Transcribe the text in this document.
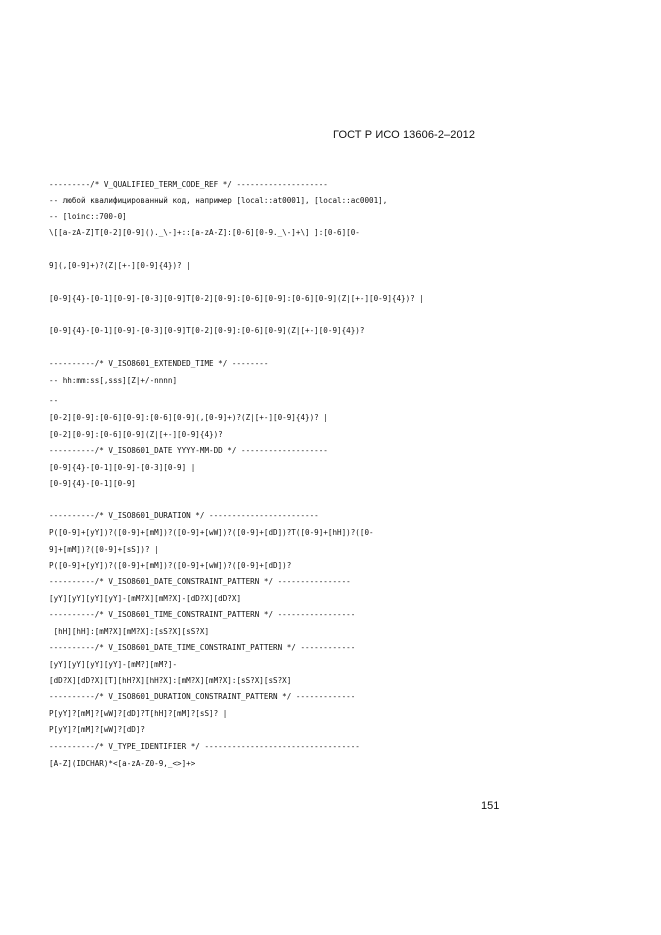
ГОСТ Р ИСО 13606-2–2012
---------/* V_QUALIFIED_TERM_CODE_REF */ --------------------
-- любой квалифицированный код, например [local::at0001], [local::ac0001],
-- [loinc::700-0]
\[[a-zA-Z]T[0-2][0-9]()._\-]+::[a-zA-Z]:[0-6][0-9._\-]+\] ]:[0-6][0-
9](,[0-9]+)?(Z|[+-][0-9]{4})? |
[0-9]{4}-[0-1][0-9]-[0-3][0-9]T[0-2][0-9]:[0-6][0-9]:[0-6][0-9](Z|[+-][0-9]{4})? |
[0-9]{4}-[0-1][0-9]-[0-3][0-9]T[0-2][0-9]:[0-6][0-9](Z|[+-][0-9]{4})?
----------/* V_ISO8601_EXTENDED_TIME */ --------
-- hh:mm:ss[,sss][Z|+/-nnnn]
--
[0-2][0-9]:[0-6][0-9]:[0-6][0-9](,[0-9]+)?(Z|[+-][0-9]{4})? |
[0-2][0-9]:[0-6][0-9](Z|[+-][0-9]{4})?
----------/* V_ISO8601_DATE YYYY-MM-DD */ -------------------
[0-9]{4}-[0-1][0-9]-[0-3][0-9] |
[0-9]{4}-[0-1][0-9]
----------/* V_ISO8601_DURATION */ ------------------------
P([0-9]+[yY])?([0-9]+[mM])?([0-9]+[wW])?([0-9]+[dD])?T([0-9]+[hH])?([0-
9]+[mM])?([0-9]+[sS])? |
P([0-9]+[yY])?([0-9]+[mM])?([0-9]+[wW])?([0-9]+[dD])?
----------/* V_ISO8601_DATE_CONSTRAINT_PATTERN */ ----------------
[yY][yY][yY][yY]-[mM?X][mM?X]-[dD?X][dD?X]
----------/* V_ISO8601_TIME_CONSTRAINT_PATTERN */ -----------------
[hH][hH]:[mM?X][mM?X]:[sS?X][sS?X]
----------/* V_ISO8601_DATE_TIME_CONSTRAINT_PATTERN */ ------------
[yY][yY][yY][yY]-[mM?][mM?]-
[dD?X][dD?X][T][hH?X][hH?X]:[mM?X][mM?X]:[sS?X][sS?X]
----------/* V_ISO8601_DURATION_CONSTRAINT_PATTERN */ -------------
P[yY]?[mM]?[wW]?[dD]?T[hH]?[mM]?[sS]? |
P[yY]?[mM]?[wW]?[dD]?
----------/* V_TYPE_IDENTIFIER */ ----------------------------------
[A-Z](IDCHAR)*<[a-zA-Z0-9,_<>]+>
151
